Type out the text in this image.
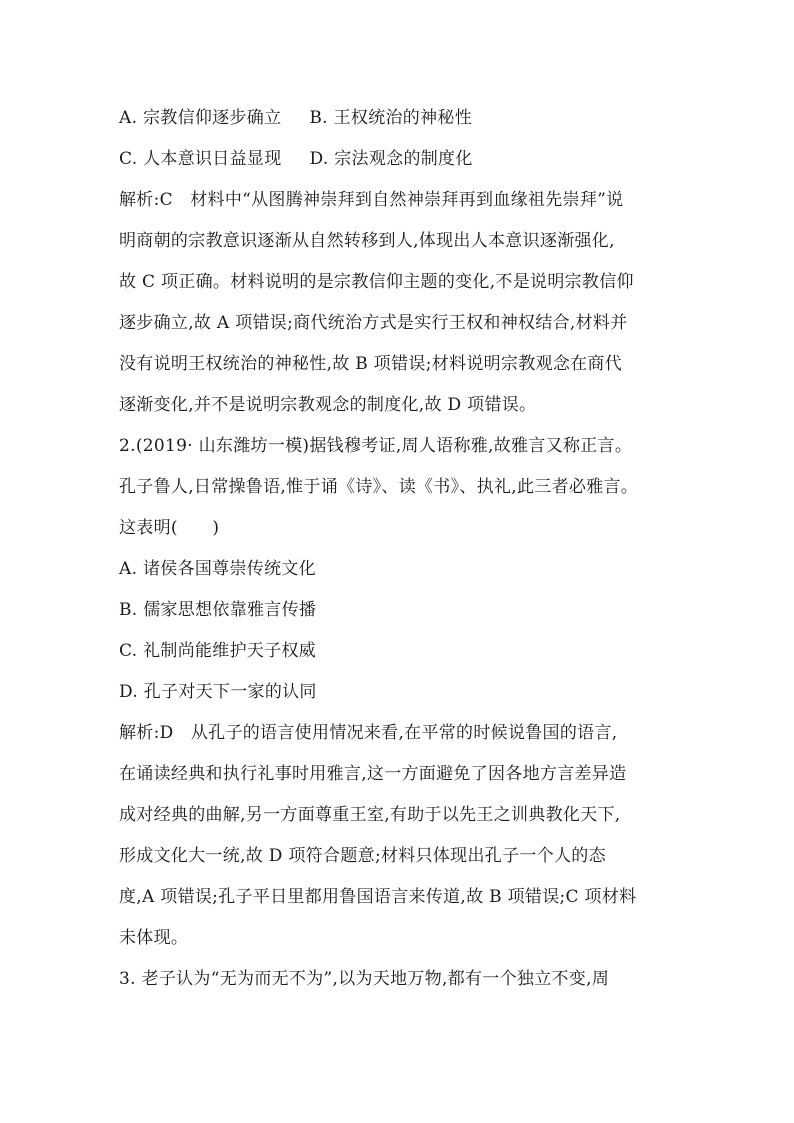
A. 宗教信仰逐步确立 B. 王权统治的神秘性
C. 人本意识日益显现 D. 宗法观念的制度化
解析:C　材料中“从图腾神崇拜到自然神崇拜再到血缘祖先崇拜”说
明商朝的宗教意识逐渐从自然转移到人,体现出人本意识逐渐强化,
故 C 项正确。材料说明的是宗教信仰主题的变化,不是说明宗教信仰
逐步确立,故 A 项错误;商代统治方式是实行王权和神权结合,材料并
没有说明王权统治的神秘性,故 B 项错误;材料说明宗教观念在商代
逐渐变化,并不是说明宗教观念的制度化,故 D 项错误。
2.(2019· 山东潍坊一模)据钱穆考证,周人语称雅,故雅言又称正言。
孔子鲁人,日常操鲁语,惟于诵《诗》、读《书》、执礼,此三者必雅言。
这表明(　　)
A. 诸侯各国尊崇传统文化
B. 儒家思想依靠雅言传播
C. 礼制尚能维护天子权威
D. 孔子对天下一家的认同
解析:D　从孔子的语言使用情况来看,在平常的时候说鲁国的语言,
在诵读经典和执行礼事时用雅言,这一方面避免了因各地方言差异造
成对经典的曲解,另一方面尊重王室,有助于以先王之训典教化天下,
形成文化大一统,故 D 项符合题意;材料只体现出孔子一个人的态
度,A 项错误;孔子平日里都用鲁国语言来传道,故 B 项错误;C 项材料
未体现。
3. 老子认为“无为而无不为”,以为天地万物,都有一个独立不变,周
